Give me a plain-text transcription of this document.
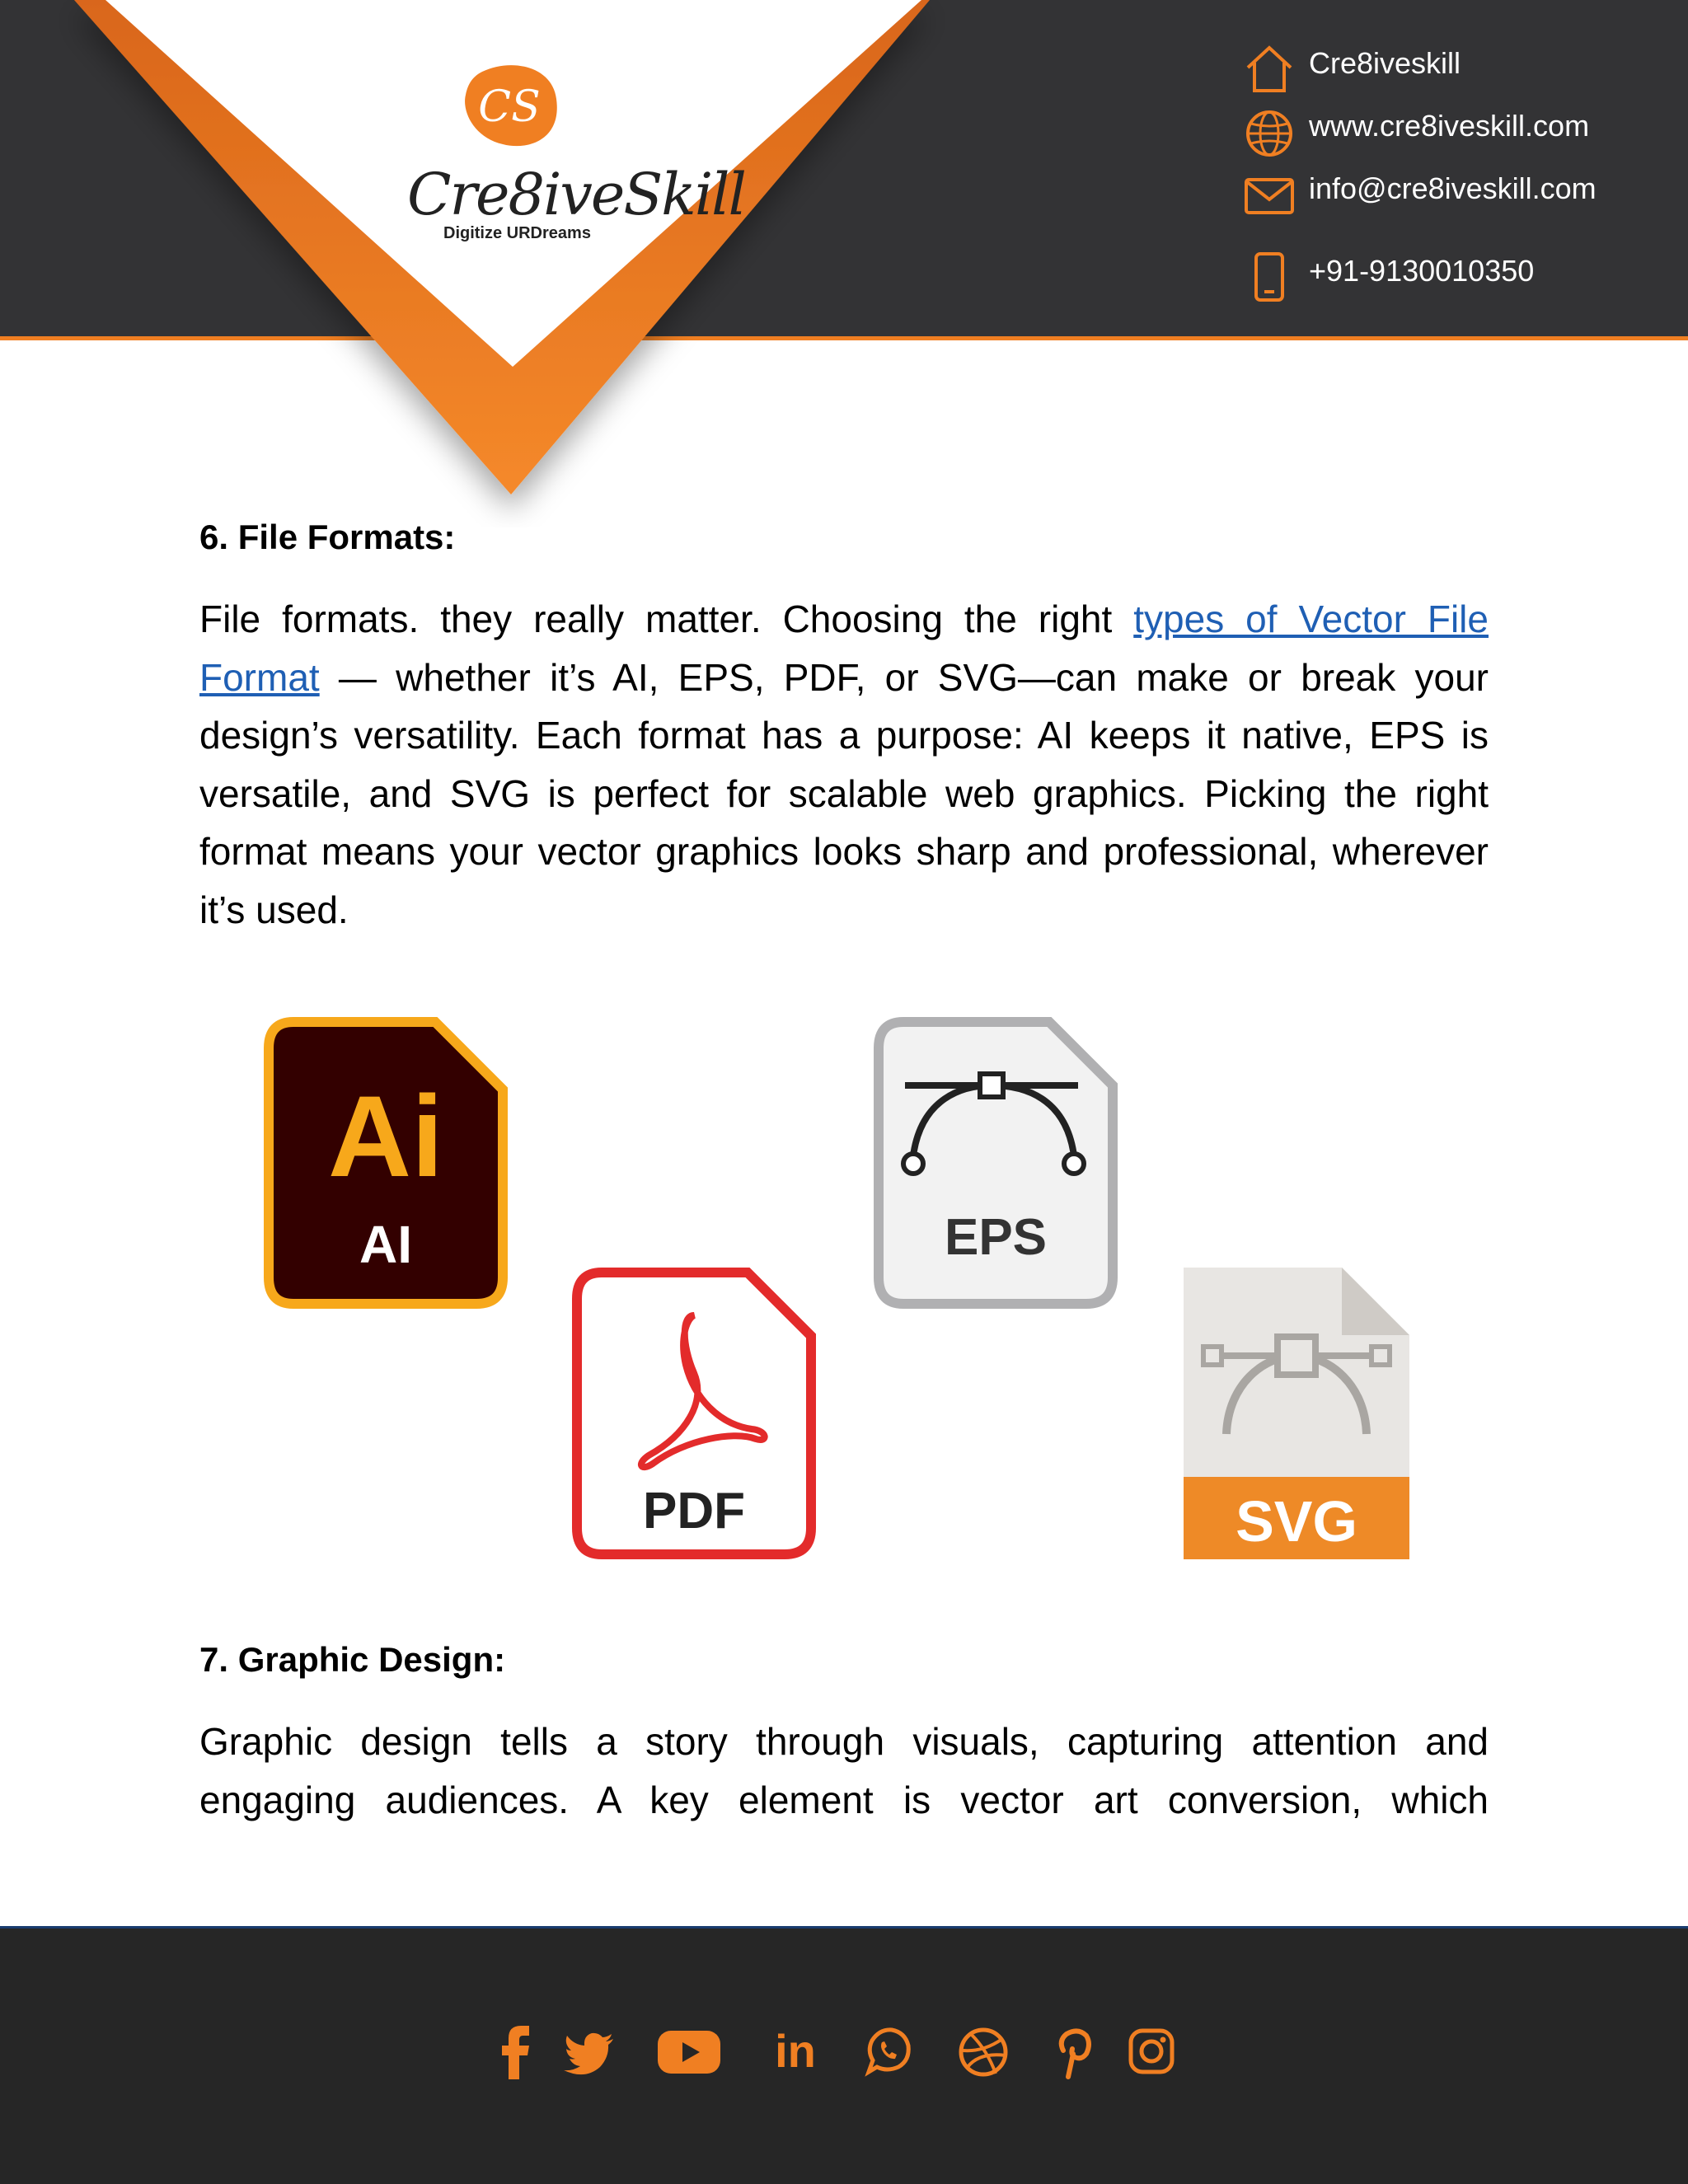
CS
Cre8iveSkill
Digitize URDreams
Cre8iveskill
www.cre8iveskill.com
info@cre8iveskill.com
+91-9130010350
6. File Formats:
File formats. they really matter. Choosing the right types of Vector File Format — whether it’s AI, EPS, PDF, or SVG—can make or break your design’s versatility. Each format has a purpose: AI keeps it native, EPS is versatile, and SVG is perfect for scalable web graphics. Picking the right format means your vector graphics looks sharp and professional, wherever it’s used.
Ai
AI
PDF
EPS
SVG
7. Graphic Design:
Graphic design tells a story through visuals, capturing attention and engaging audiences. A key element is vector art conversion, which
in
